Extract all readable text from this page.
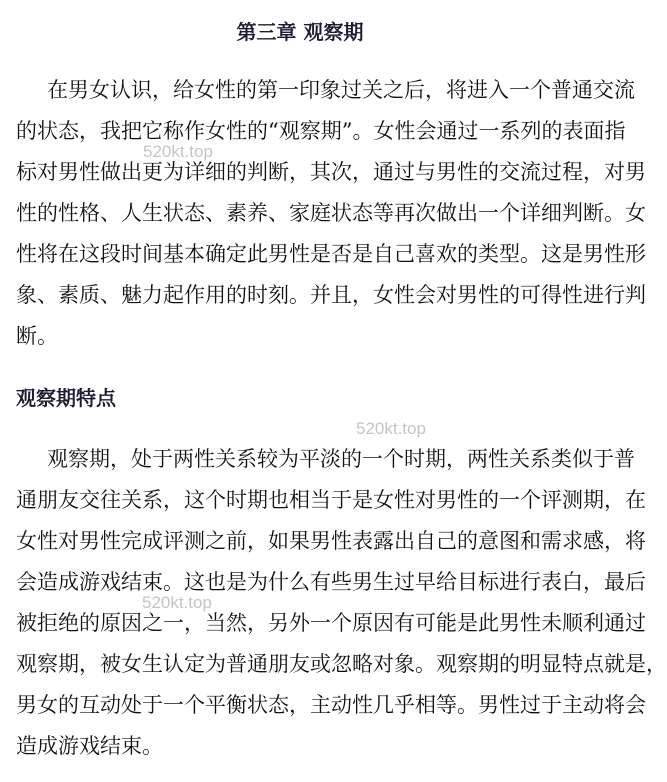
第三章 观察期
在男女认识，给女性的第一印象过关之后，将进入一个普通交流
的状态，我把它称作女性的“观察期”。女性会通过一系列的表面指
标对男性做出更为详细的判断，其次，通过与男性的交流过程，对男
性的性格、人生状态、素养、家庭状态等再次做出一个详细判断。女
性将在这段时间基本确定此男性是否是自己喜欢的类型。这是男性形
象、素质、魅力起作用的时刻。并且，女性会对男性的可得性进行判
断。
观察期特点
观察期，处于两性关系较为平淡的一个时期，两性关系类似于普
通朋友交往关系，这个时期也相当于是女性对男性的一个评测期，在
女性对男性完成评测之前，如果男性表露出自己的意图和需求感，将
会造成游戏结束。这也是为什么有些男生过早给目标进行表白，最后
被拒绝的原因之一，当然，另外一个原因有可能是此男性未顺利通过
观察期，被女生认定为普通朋友或忽略对象。观察期的明显特点就是，
男女的互动处于一个平衡状态，主动性几乎相等。男性过于主动将会
造成游戏结束。
520kt.top
520kt.top
520kt.top
